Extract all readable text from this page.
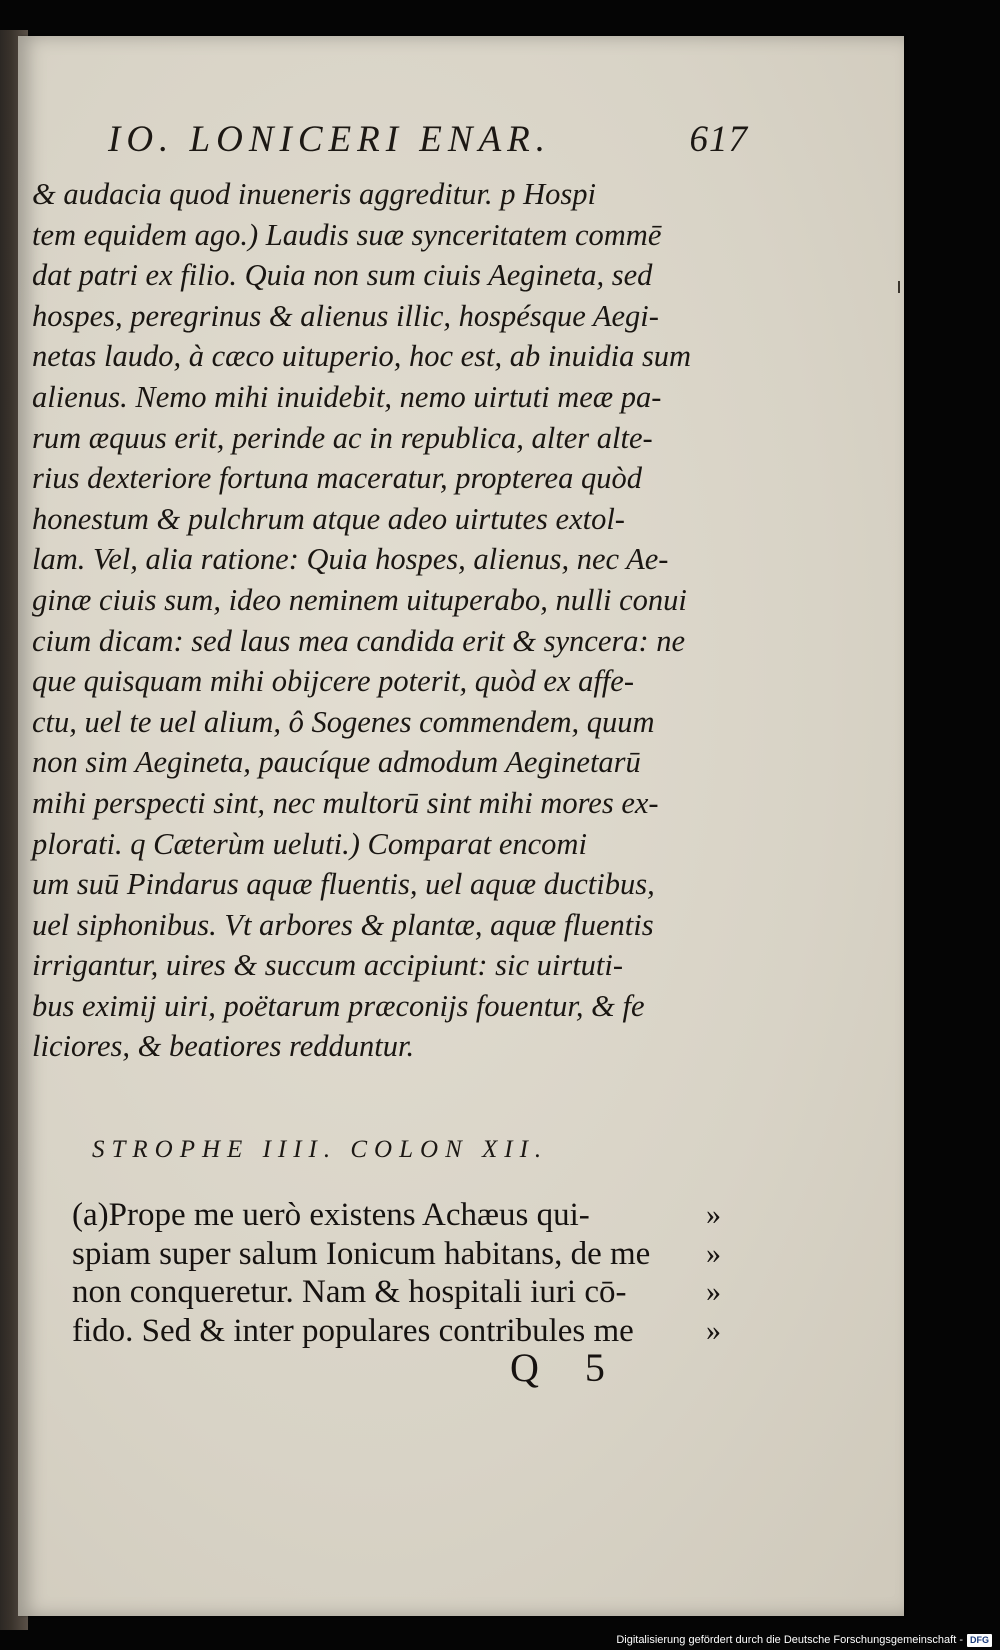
IO. LONICERI ENAR.	617
& audacia quod inueneris aggreditur. p Hospi
tem equidem ago.) Laudis suæ synceritatem commē
dat patri ex filio. Quia non sum ciuis Aegineta, sed
hospes, peregrinus & alienus illic, hospésque Aegi-
netas laudo, à cæco uituperio, hoc est, ab inuidia sum
alienus. Nemo mihi inuidebit, nemo uirtuti meæ pa-
rum æquus erit, perinde ac in republica, alter alte-
rius dexteriore fortuna maceratur, propterea quòd
honestum & pulchrum atque adeo uirtutes extol-
lam. Vel, alia ratione: Quia hospes, alienus, nec Ae-
ginæ ciuis sum, ideo neminem uituperabo, nulli conui
cium dicam: sed laus mea candida erit & syncera: ne
que quisquam mihi obijcere poterit, quòd ex affe-
ctu, uel te uel alium, ô Sogenes commendem, quum
non sim Aegineta, paucíque admodum Aeginetarū
mihi perspecti sint, nec multorū sint mihi mores ex-
plorati. q Cæterùm ueluti.) Comparat encomi
um suū Pindarus aquæ fluentis, uel aquæ ductibus,
uel siphonibus. Vt arbores & plantæ, aquæ fluentis
irrigantur, uires & succum accipiunt: sic uirtuti-
bus eximij uiri, poëtarum præconijs fouentur, & fe
liciores, & beatiores redduntur.
STROPHE IIII. COLON XII.
(a)Prope me uerò existens Achæus qui-
spiam super salum Ionicum habitans, de me
non conqueretur. Nam & hospitali iuri cō-
fido. Sed & inter populares contribules me
»
»
»
»
Q 5
Digitalisierung gefördert durch die Deutsche Forschungsgemeinschaft - DFG
